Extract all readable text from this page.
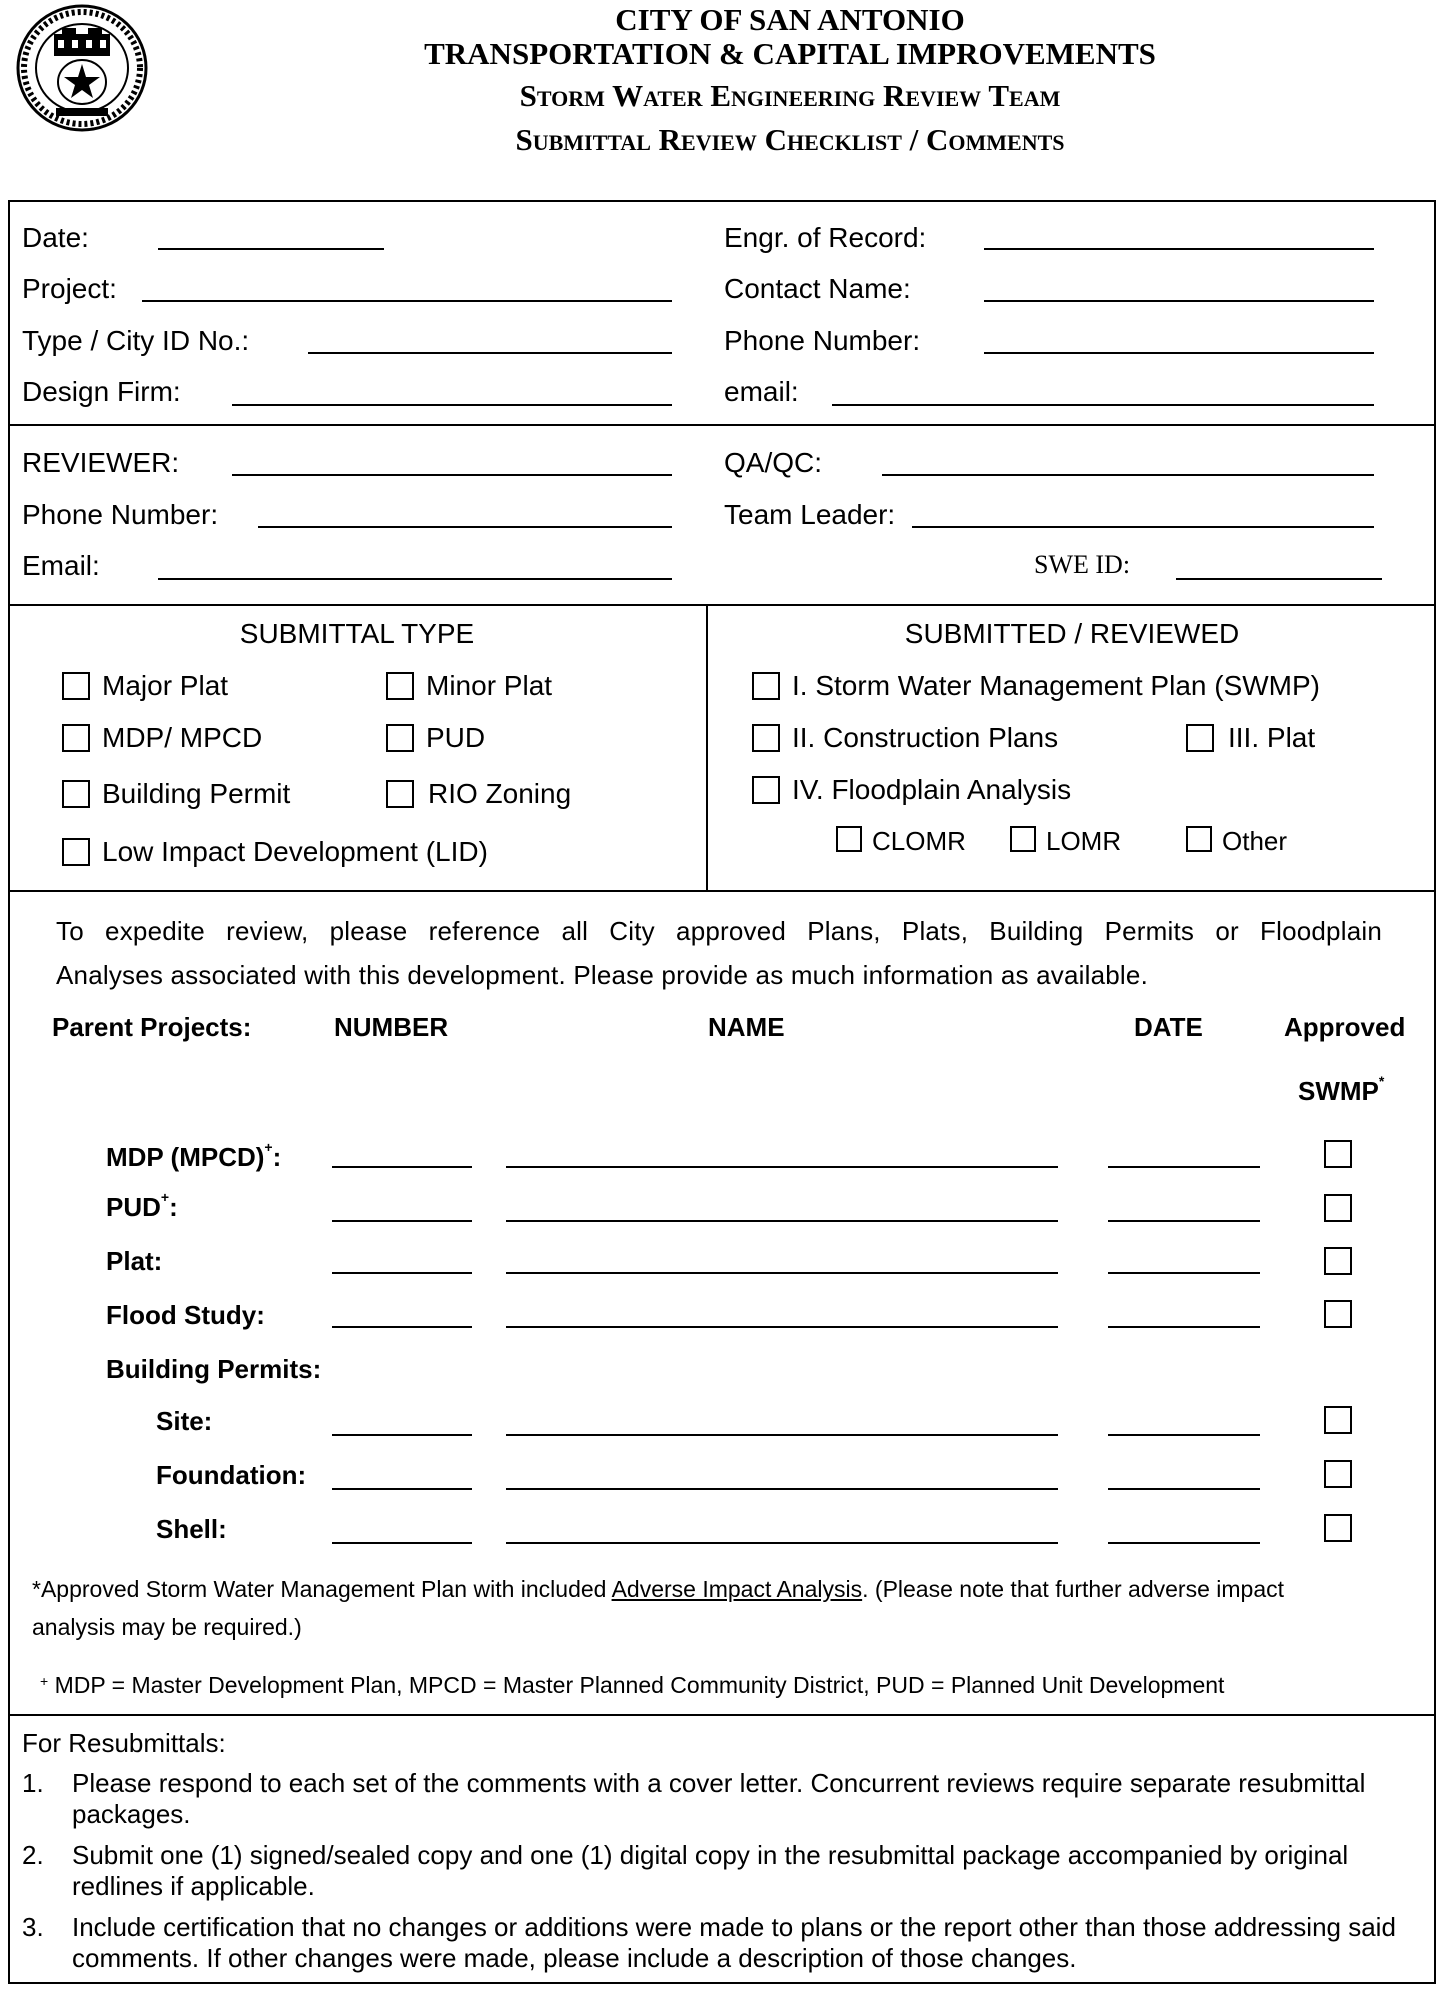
CITY OF SAN ANTONIO
TRANSPORTATION & CAPITAL IMPROVEMENTS
Storm Water Engineering Review Team
Submittal Review Checklist / Comments
Date:
Project:
Type / City ID No.:
Design Firm:
Engr. of Record:
Contact Name:
Phone Number:
email:
REVIEWER:
Phone Number:
Email:
QA/QC:
Team Leader:
SWE ID:
SUBMITTAL TYPE
Major Plat	Minor Plat
MDP/ MPCD	PUD
Building Permit	RIO Zoning
Low Impact Development (LID)
SUBMITTED / REVIEWED
I. Storm Water Management Plan (SWMP)
II. Construction Plans	III. Plat
IV. Floodplain Analysis
CLOMR	LOMR	Other
To expedite review, please reference all City approved Plans, Plats, Building Permits or Floodplain
Analyses associated with this development. Please provide as much information as available.
Parent Projects:	NUMBER	NAME	DATE	Approved
SWMP*
MDP (MPCD)+:
PUD+:
Plat:
Flood Study:
Building Permits:
Site:
Foundation:
Shell:
*Approved Storm Water Management Plan with included Adverse Impact Analysis. (Please note that further adverse impact
analysis may be required.)
+ MDP = Master Development Plan, MPCD = Master Planned Community District, PUD = Planned Unit Development
For Resubmittals:
1. Please respond to each set of the comments with a cover letter. Concurrent reviews require separate resubmittal packages.
2. Submit one (1) signed/sealed copy and one (1) digital copy in the resubmittal package accompanied by original redlines if applicable.
3. Include certification that no changes or additions were made to plans or the report other than those addressing said comments. If other changes were made, please include a description of those changes.
